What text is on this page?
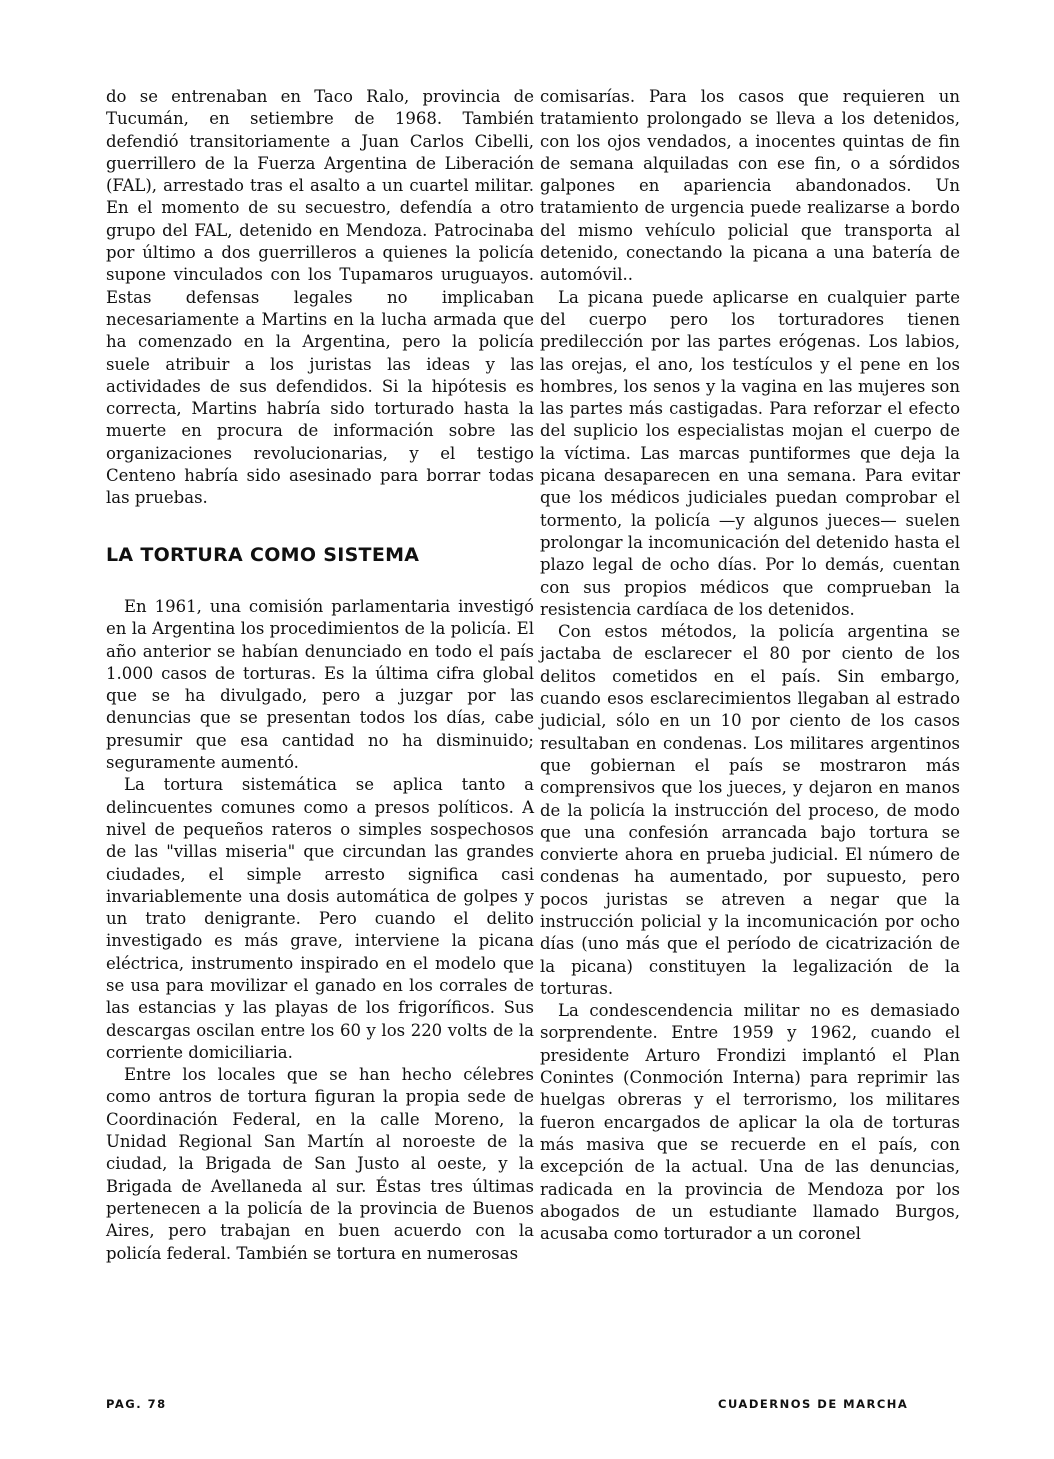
do se entrenaban en Taco Ralo, provincia de Tucumán, en setiembre de 1968. También defendió transitoriamente a Juan Carlos Cibelli, guerrillero de la Fuerza Argentina de Liberación (FAL), arrestado tras el asalto a un cuartel militar. En el momento de su secuestro, defendía a otro grupo del FAL, detenido en Mendoza. Patrocinaba por último a dos guerrilleros a quienes la policía supone vinculados con los Tupamaros uruguayos. Estas defensas legales no implicaban necesariamente a Martins en la lucha armada que ha comenzado en la Argentina, pero la policía suele atribuir a los juristas las ideas y las actividades de sus defendidos. Si la hipótesis es correcta, Martins habría sido torturado hasta la muerte en procura de información sobre las organizaciones revolucionarias, y el testigo Centeno habría sido asesinado para borrar todas las pruebas.

LA TORTURA COMO SISTEMA

En 1961, una comisión parlamentaria investigó en la Argentina los procedimientos de la policía. El año anterior se habían denunciado en todo el país 1.000 casos de torturas. Es la última cifra global que se ha divulgado, pero a juzgar por las denuncias que se presentan todos los días, cabe presumir que esa cantidad no ha disminuido; seguramente aumentó.

La tortura sistemática se aplica tanto a delincuentes comunes como a presos políticos. A nivel de pequeños rateros o simples sospechosos de las "villas miseria" que circundan las grandes ciudades, el simple arresto significa casi invariablemente una dosis automática de golpes y un trato denigrante. Pero cuando el delito investigado es más grave, interviene la picana eléctrica, instrumento inspirado en el modelo que se usa para movilizar el ganado en los corrales de las estancias y las playas de los frigoríficos. Sus descargas oscilan entre los 60 y los 220 volts de la corriente domiciliaria.

Entre los locales que se han hecho célebres como antros de tortura figuran la propia sede de Coordinación Federal, en la calle Moreno, la Unidad Regional San Martín al noroeste de la ciudad, la Brigada de San Justo al oeste, y la Brigada de Avellaneda al sur. Éstas tres últimas pertenecen a la policía de la provincia de Buenos Aires, pero trabajan en buen acuerdo con la policía federal. También se tortura en numerosas

comisarías. Para los casos que requieren un tratamiento prolongado se lleva a los detenidos, con los ojos vendados, a inocentes quintas de fin de semana alquiladas con ese fin, o a sórdidos galpones en apariencia abandonados. Un tratamiento de urgencia puede realizarse a bordo del mismo vehículo policial que transporta al detenido, conectando la picana a una batería de automóvil..

La picana puede aplicarse en cualquier parte del cuerpo pero los torturadores tienen predilección por las partes erógenas. Los labios, las orejas, el ano, los testículos y el pene en los hombres, los senos y la vagina en las mujeres son las partes más castigadas. Para reforzar el efecto del suplicio los especialistas mojan el cuerpo de la víctima. Las marcas puntiformes que deja la picana desaparecen en una semana. Para evitar que los médicos judiciales puedan comprobar el tormento, la policía —y algunos jueces— suelen prolongar la incomunicación del detenido hasta el plazo legal de ocho días. Por lo demás, cuentan con sus propios médicos que comprueban la resistencia cardíaca de los detenidos.

Con estos métodos, la policía argentina se jactaba de esclarecer el 80 por ciento de los delitos cometidos en el país. Sin embargo, cuando esos esclarecimientos llegaban al estrado judicial, sólo en un 10 por ciento de los casos resultaban en condenas. Los militares argentinos que gobiernan el país se mostraron más comprensivos que los jueces, y dejaron en manos de la policía la instrucción del proceso, de modo que una confesión arrancada bajo tortura se convierte ahora en prueba judicial. El número de condenas ha aumentado, por supuesto, pero pocos juristas se atreven a negar que la instrucción policial y la incomunicación por ocho días (uno más que el período de cicatrización de la picana) constituyen la legalización de la torturas.

La condescendencia militar no es demasiado sorprendente. Entre 1959 y 1962, cuando el presidente Arturo Frondizi implantó el Plan Conintes (Conmoción Interna) para reprimir las huelgas obreras y el terrorismo, los militares fueron encargados de aplicar la ola de torturas más masiva que se recuerde en el país, con excepción de la actual. Una de las denuncias, radicada en la provincia de Mendoza por los abogados de un estudiante llamado Burgos, acusaba como torturador a un coronel

PAG. 78	CUADERNOS DE MARCHA
